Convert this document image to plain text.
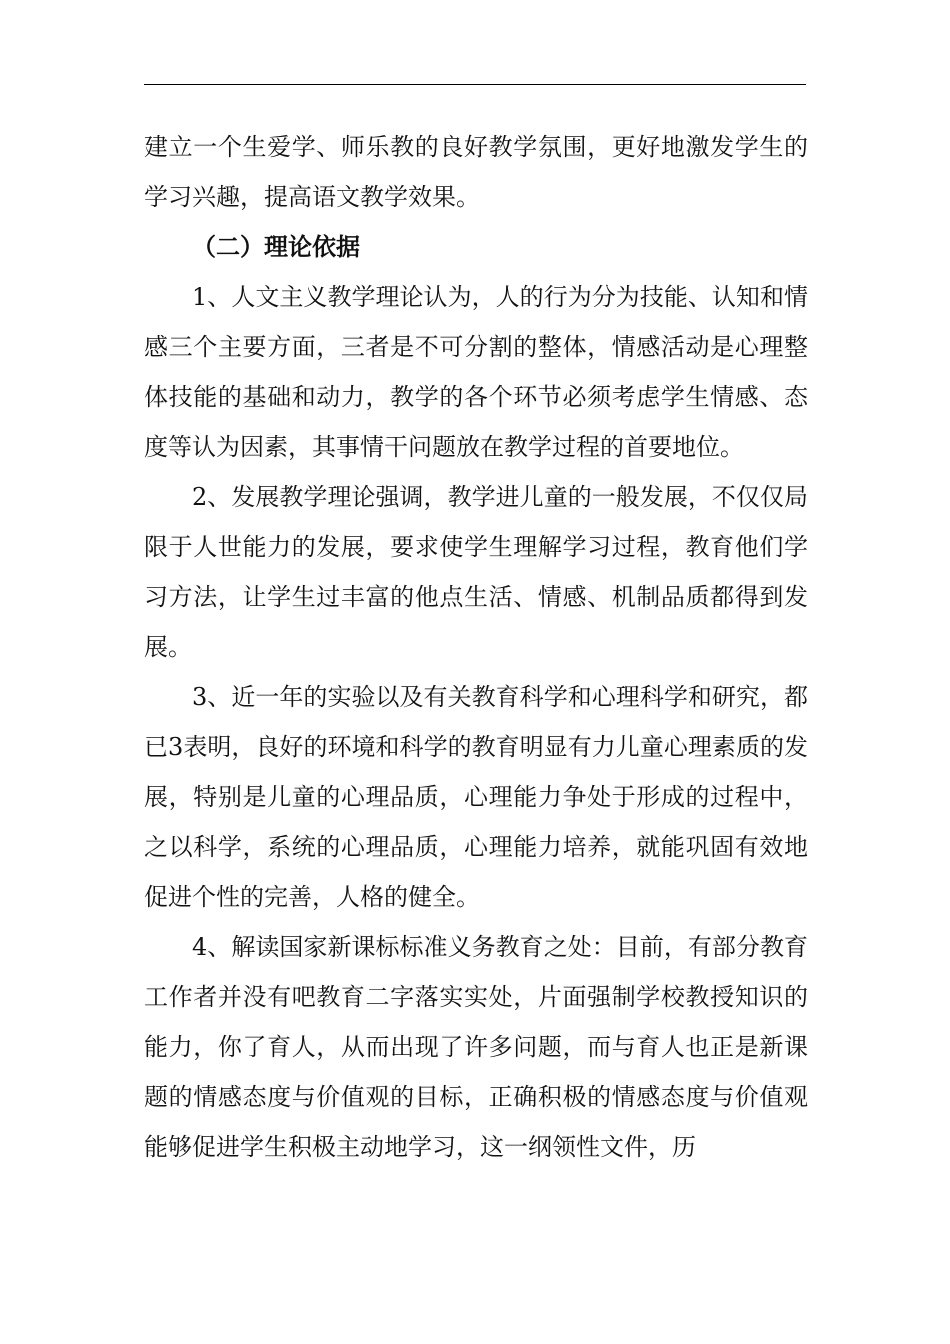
建立一个生爱学、师乐教的良好教学氛围，更好地激发学生的学习兴趣，提高语文教学效果。

（二）理论依据

1、人文主义教学理论认为，人的行为分为技能、认知和情感三个主要方面，三者是不可分割的整体，情感活动是心理整体技能的基础和动力，教学的各个环节必须考虑学生情感、态度等认为因素，其事情干问题放在教学过程的首要地位。

2、发展教学理论强调，教学进儿童的一般发展，不仅仅局限于人世能力的发展，要求使学生理解学习过程，教育他们学习方法，让学生过丰富的他点生活、情感、机制品质都得到发展。

3、近一年的实验以及有关教育科学和心理科学和研究，都已3表明，良好的环境和科学的教育明显有力儿童心理素质的发展，特别是儿童的心理品质，心理能力争处于形成的过程中，之以科学，系统的心理品质，心理能力培养，就能巩固有效地促进个性的完善，人格的健全。

4、解读国家新课标标准义务教育之处：目前，有部分教育工作者并没有吧教育二字落实实处，片面强制学校教授知识的能力，你了育人，从而出现了许多问题，而与育人也正是新课题的情感态度与价值观的目标，正确积极的情感态度与价值观能够促进学生积极主动地学习，这一纲领性文件，历
